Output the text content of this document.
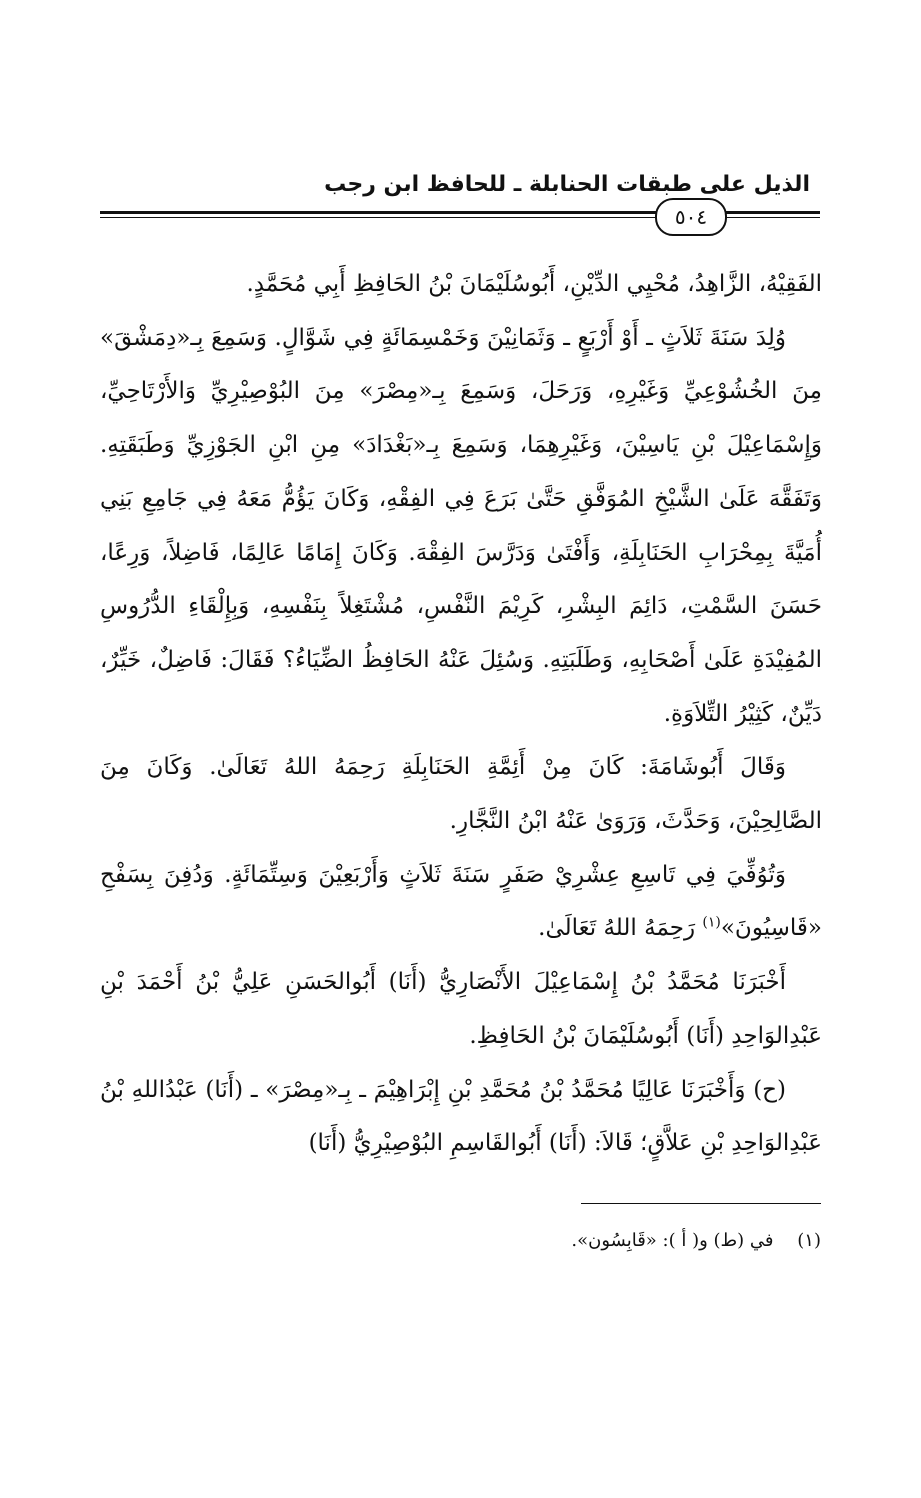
الذيل على طبقات الحنابلة ـ للحافظ ابن رجب
٥٠٤

الفَقِيْهُ، الزَّاهِدُ، مُحْيِي الدِّيْنِ، أَبُوسُلَيْمَانَ بْنُ الحَافِظِ أَبِي مُحَمَّدٍ.

وُلِدَ سَنَةَ ثَلاَثٍ ـ أَوْ أَرْبَعٍ ـ وَثَمَانِيْنَ وَخَمْسِمَائَةٍ فِي شَوَّالٍ. وَسَمِعَ بِـ«دِمَشْقَ» مِنَ الخُشُوْعِيِّ وَغَيْرِهِ، وَرَحَلَ، وَسَمِعَ بِـ«مِصْرَ» مِنَ البُوْصِيْرِيِّ وَالأَرْتَاحِيِّ، وَإِسْمَاعِيْلَ بْنِ يَاسِيْنَ، وَغَيْرِهِمَا، وَسَمِعَ بِـ«بَغْدَادَ» مِنِ ابْنِ الجَوْزِيِّ وَطَبَقَتِهِ. وَتَفَقَّهَ عَلَىٰ الشَّيْخِ المُوَفَّقِ حَتَّىٰ بَرَعَ فِي الفِقْهِ، وَكَانَ يَؤُمُّ مَعَهُ فِي جَامِعِ بَنِي أُمَيَّةَ بِمِحْرَابِ الحَنَابِلَةِ، وَأَفْتَىٰ وَدَرَّسَ الفِقْهَ. وَكَانَ إِمَامًا عَالِمًا، فَاضِلاً، وَرِعًا، حَسَنَ السَّمْتِ، دَائِمَ البِشْرِ، كَرِيْمَ النَّفْسِ، مُشْتَغِلاً بِنَفْسِهِ، وَبِإِلْقَاءِ الدُّرُوسِ المُفِيْدَةِ عَلَىٰ أَصْحَابِهِ، وَطَلَبَتِهِ. وَسُئِلَ عَنْهُ الحَافِظُ الضِّيَاءُ؟ فَقَالَ: فَاضِلٌ، خَيِّرٌ، دَيِّنٌ، كَثِيْرُ التِّلاَوَةِ.

وَقَالَ أَبُوشَامَةَ: كَانَ مِنْ أَئِمَّةِ الحَنَابِلَةِ رَحِمَهُ اللهُ تَعَالَىٰ. وَكَانَ مِنَ الصَّالِحِيْنَ، وَحَدَّثَ، وَرَوَىٰ عَنْهُ ابْنُ النَّجَّارِ.

وَتُوُفِّيَ فِي تَاسِعِ عِشْرِيْ صَفَرٍ سَنَةَ ثَلاَثٍ وَأَرْبَعِيْنَ وَسِتِّمَائَةٍ. وَدُفِنَ بِسَفْحِ «قَاسِيُونَ»$^{(١)}$ رَحِمَهُ اللهُ تَعَالَىٰ.

أَخْبَرَنَا مُحَمَّدُ بْنُ إِسْمَاعِيْلَ الأَنْصَارِيُّ (أَنَا) أَبُوالحَسَنِ عَلِيُّ بْنُ أَحْمَدَ بْنِ عَبْدِالوَاحِدِ (أَنَا) أَبُوسُلَيْمَانَ بْنُ الحَافِظِ.

(ح) وَأَخْبَرَنَا عَالِيًا مُحَمَّدُ بْنُ مُحَمَّدِ بْنِ إِبْرَاهِيْمَ ـ بِـ«مِصْرَ» ـ (أَنَا) عَبْدُاللهِ بْنُ عَبْدِالوَاحِدِ بْنِ عَلاَّقٍ؛ قَالاَ: (أَنَا) أَبُوالقَاسِمِ البُوْصِيْرِيُّ (أَنَا)

(١) في (ط) و( أ ): «قَابِسُون».
